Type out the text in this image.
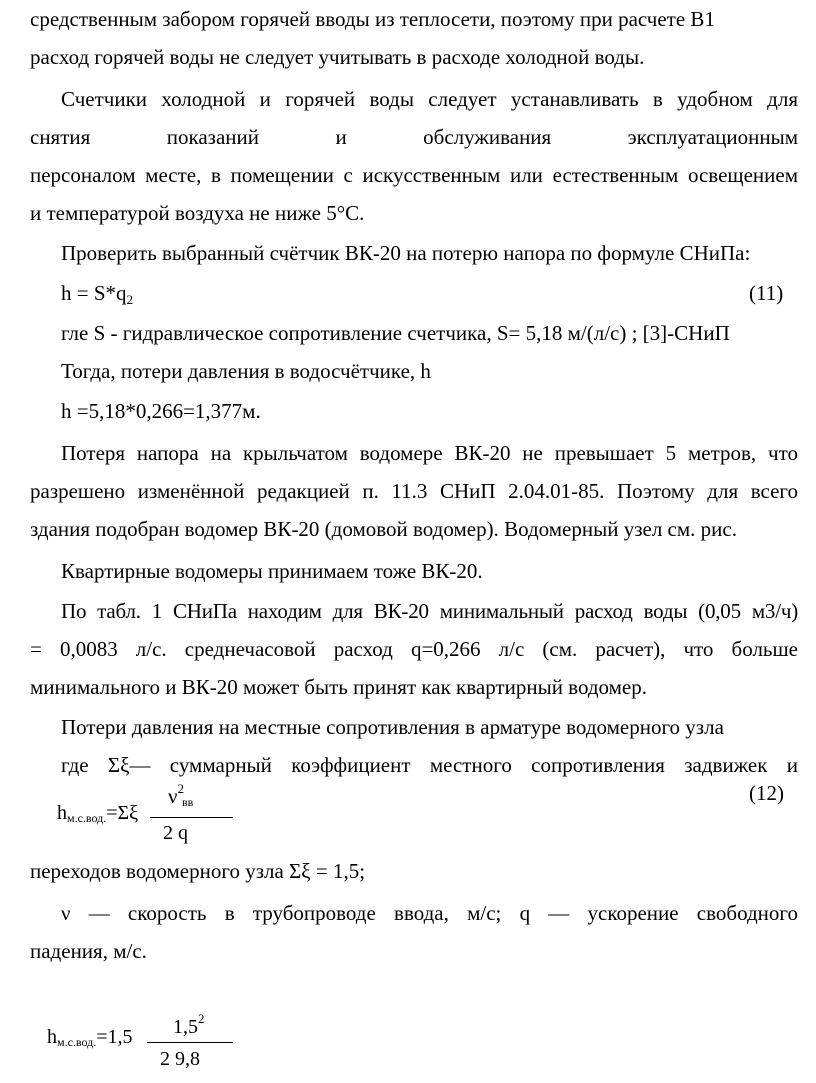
средственным забором горячей вводы из теплосети, поэтому при расчете В1
расход горячей воды не следует учитывать в расходе холодной воды.
Счетчики холодной и горячей воды следует устанавливать в удобном для
снятия показаний и обслуживания эксплуатационным
персоналом месте, в помещении с искусственным или естественным освещением
и температурой воздуха не ниже 5°С.
Проверить выбранный счётчик ВК-20 на потерю напора по формуле СНиПа:
$h = S*q_2$	(11)
гле S - гидравлическое сопротивление счетчика, S= 5,18 м/(л/с) ; [3]-СНиП
Тогда, потери давления в водосчётчике, h
h =5,18*0,266=1,377м.
Потеря напора на крыльчатом водомере ВК-20 не превышает 5 метров, что
разрешено изменённой редакцией п. 11.3 СНиП 2.04.01-85. Поэтому для всего
здания подобран водомер ВК-20 (домовой водомер). Водомерный узел см. рис.
Квартирные водомеры принимаем тоже ВК-20.
По табл. 1 СНиПа находим для ВК-20 минимальный расход воды (0,05 м3/ч)
= 0,0083 л/с. среднечасовой расход q=0,266 л/с (см. расчет), что больше
минимального и ВК-20 может быть принят как квартирный водомер.
Потери давления на местные сопротивления в арматуре водомерного узла
где Σξ— суммарный коэффициент местного сопротивления задвижек и
$\nu^2вв$
hм.с.вод.=Σξ
2 q
(12)
переходов водомерного узла Σξ = 1,5;
ν — скорость в трубопроводе ввода, м/с; q — ускорение свободного
падения, м/с.
$1,5^2$
hм.с.вод.=1,5
2 9,8
